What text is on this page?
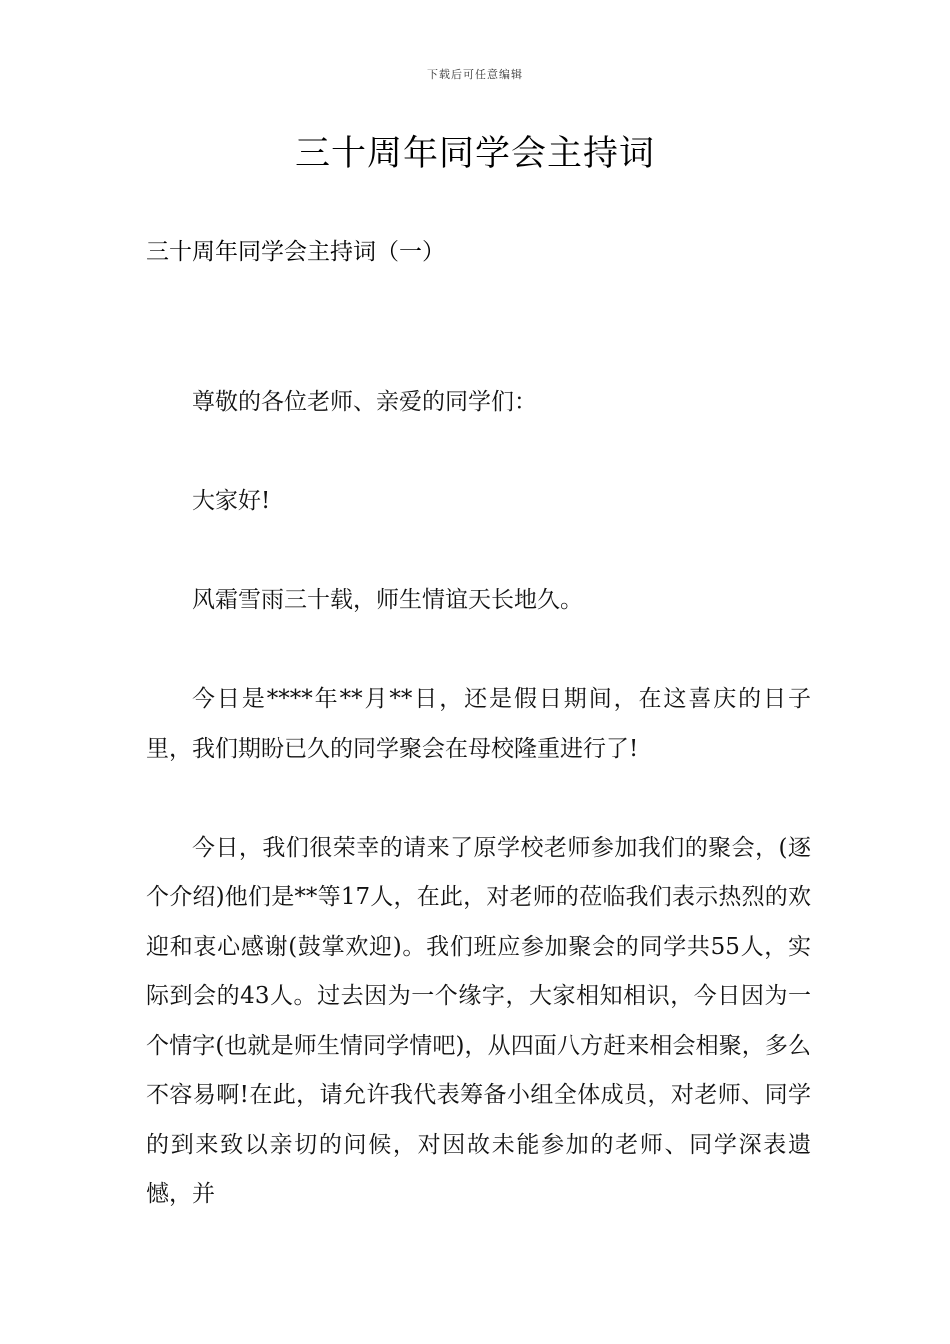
下载后可任意编辑
三十周年同学会主持词
三十周年同学会主持词（一）

尊敬的各位老师、亲爱的同学们：

大家好!

风霜雪雨三十载，师生情谊天长地久。

今日是****年**月**日，还是假日期间，在这喜庆的日子里，我们期盼已久的同学聚会在母校隆重进行了!

今日，我们很荣幸的请来了原学校老师参加我们的聚会，(逐个介绍)他们是**等17人，在此，对老师的莅临我们表示热烈的欢迎和衷心感谢(鼓掌欢迎)。我们班应参加聚会的同学共55人，实际到会的43人。过去因为一个缘字，大家相知相识，今日因为一个情字(也就是师生情同学情吧)，从四面八方赶来相会相聚，多么不容易啊!在此，请允许我代表筹备小组全体成员，对老师、同学的到来致以亲切的问候，对因故未能参加的老师、同学深表遗憾，并
